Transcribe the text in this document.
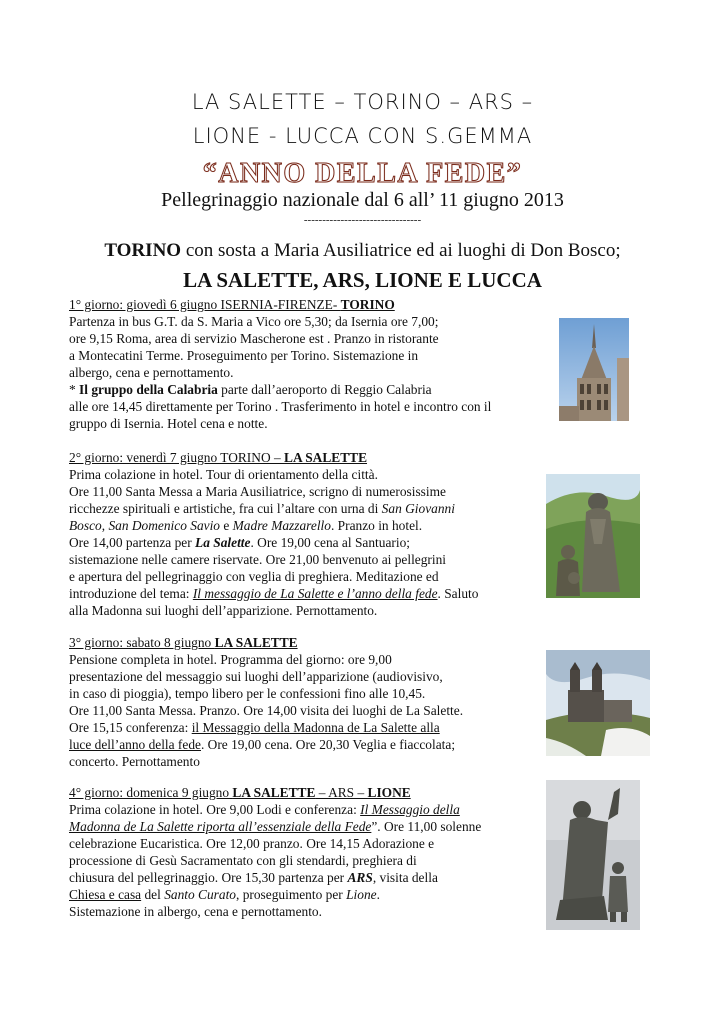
LA SALETTE – TORINO – ARS –
LIONE - LUCCA CON S.GEMMA
“ANNO DELLA FEDE”
Pellegrinaggio nazionale dal 6 all’ 11 giugno 2013
--------------------------------
TORINO con sosta a Maria Ausiliatrice ed ai luoghi di Don Bosco;
LA SALETTE, ARS, LIONE E LUCCA

1° giorno: giovedì 6 giugno ISERNIA-FIRENZE- TORINO

Partenza in bus G.T. da S. Maria a Vico ore 5,30; da Isernia ore 7,00;

ore 9,15 Roma, area di servizio Mascherone est . Pranzo in ristorante

a Montecatini Terme. Proseguimento per Torino. Sistemazione in

albergo, cena e pernottamento.

* Il gruppo della Calabria parte dall’aeroporto di Reggio Calabria

alle ore 14,45 direttamente per Torino . Trasferimento in hotel e incontro con il

gruppo di Isernia. Hotel cena e notte.

2° giorno: venerdì 7 giugno TORINO – LA SALETTE

Prima colazione in hotel. Tour di orientamento della città.

Ore 11,00 Santa Messa a Maria Ausiliatrice, scrigno di numerosissime

ricchezze spirituali e artistiche, fra cui l’altare con urna di San Giovanni

Bosco, San Domenico Savio e Madre Mazzarello. Pranzo in hotel.

Ore 14,00 partenza per La Salette. Ore 19,00 cena al Santuario;

sistemazione nelle camere riservate. Ore 21,00 benvenuto ai pellegrini

e apertura del pellegrinaggio con veglia di preghiera. Meditazione ed

introduzione del tema: Il messaggio de La Salette e l’anno della fede. Saluto

alla Madonna sui luoghi dell’apparizione. Pernottamento.

3° giorno: sabato 8 giugno LA SALETTE

Pensione completa in hotel. Programma del giorno: ore 9,00

presentazione del messaggio sui luoghi dell’apparizione (audiovisivo,

in caso di pioggia), tempo libero per le confessioni fino alle 10,45.

Ore 11,00 Santa Messa. Pranzo. Ore 14,00 visita dei luoghi de La Salette.

Ore 15,15 conferenza: il Messaggio della Madonna de La Salette alla

luce dell’anno della fede. Ore 19,00 cena. Ore 20,30 Veglia e fiaccolata;

concerto. Pernottamento

4° giorno: domenica 9 giugno LA SALETTE – ARS – LIONE

Prima colazione in hotel. Ore 9,00 Lodi e conferenza: Il Messaggio della

Madonna de La Salette riporta all’essenziale della Fede”. Ore 11,00 solenne

celebrazione Eucaristica. Ore 12,00 pranzo. Ore 14,15 Adorazione e

processione di Gesù Sacramentato con gli stendardi, preghiera di

chiusura del pellegrinaggio. Ore 15,30 partenza per ARS, visita della

Chiesa e casa del Santo Curato, proseguimento per Lione.

Sistemazione in albergo, cena e pernottamento.
